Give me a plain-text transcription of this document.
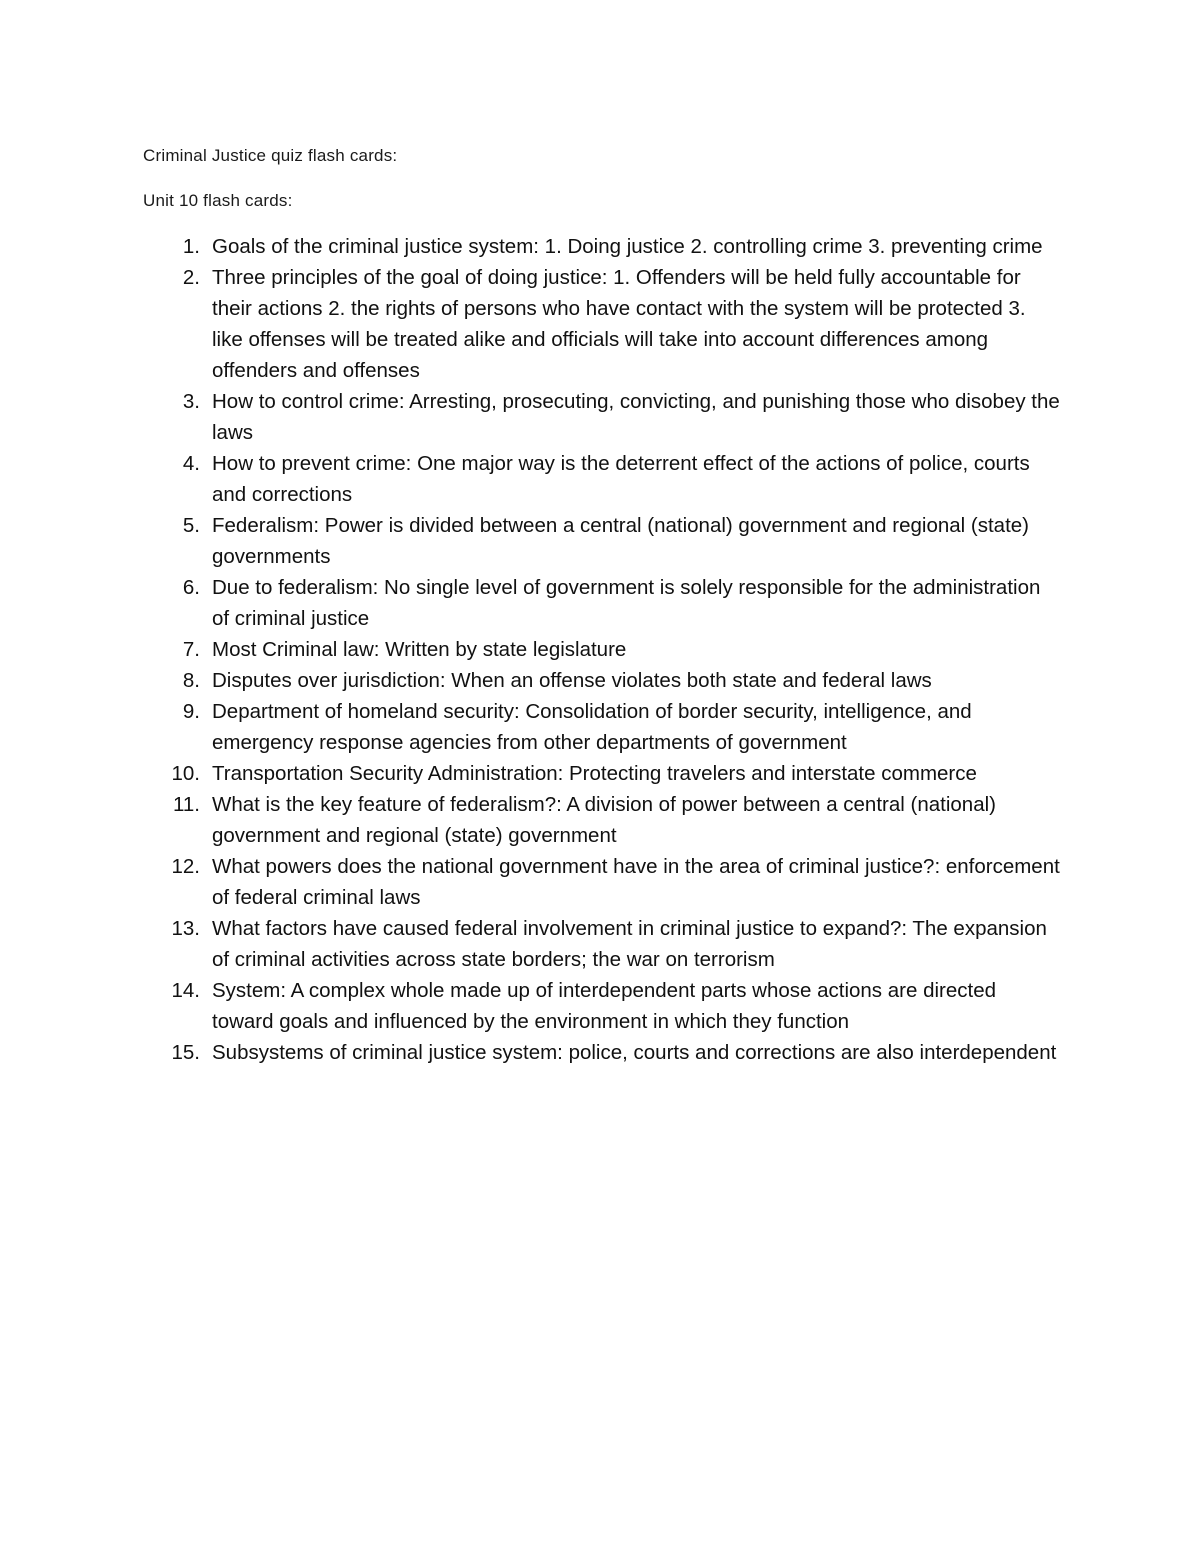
Criminal Justice quiz flash cards:
Unit 10 flash cards:
1. Goals of the criminal justice system: 1. Doing justice 2. controlling crime 3. preventing crime
2. Three principles of the goal of doing justice: 1. Offenders will be held fully accountable for their actions 2. the rights of persons who have contact with the system will be protected 3. like offenses will be treated alike and officials will take into account differences among offenders and offenses
3. How to control crime: Arresting, prosecuting, convicting, and punishing those who disobey the laws
4. How to prevent crime: One major way is the deterrent effect of the actions of police, courts and corrections
5. Federalism: Power is divided between a central (national) government and regional (state) governments
6. Due to federalism: No single level of government is solely responsible for the administration of criminal justice
7. Most Criminal law: Written by state legislature
8. Disputes over jurisdiction: When an offense violates both state and federal laws
9. Department of homeland security: Consolidation of border security, intelligence, and emergency response agencies from other departments of government
10. Transportation Security Administration: Protecting travelers and interstate commerce
11. What is the key feature of federalism?: A division of power between a central (national) government and regional (state) government
12. What powers does the national government have in the area of criminal justice?: enforcement of federal criminal laws
13. What factors have caused federal involvement in criminal justice to expand?: The expansion of criminal activities across state borders; the war on terrorism
14. System: A complex whole made up of interdependent parts whose actions are directed toward goals and influenced by the environment in which they function
15. Subsystems of criminal justice system: police, courts and corrections are also interdependent
